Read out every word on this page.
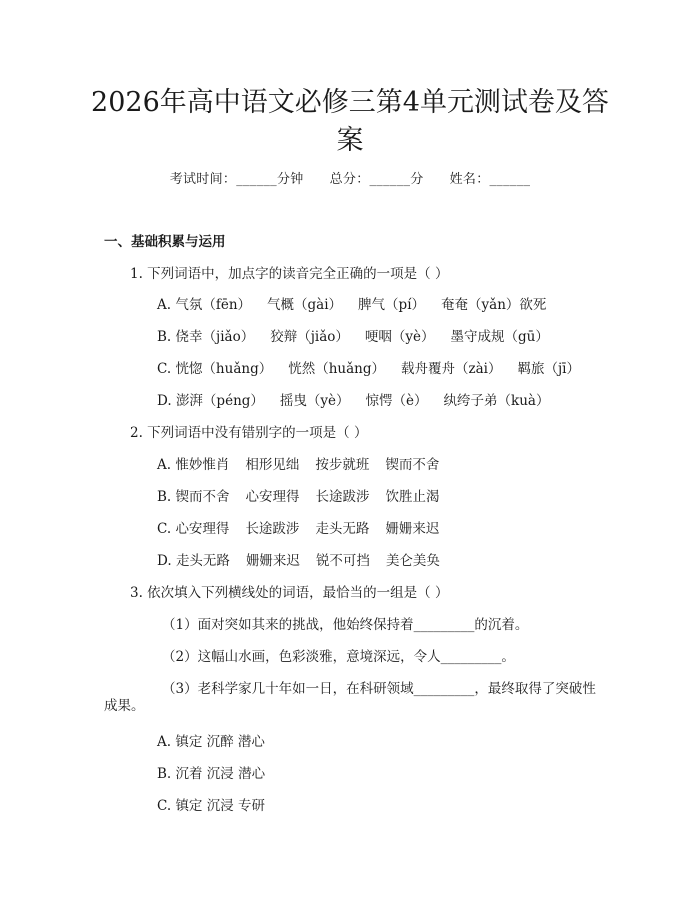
2026年高中语文必修三第4单元测试卷及答案
考试时间：______分钟 总分：______分 姓名：______
一、基础积累与运用
1. 下列词语中，加点字的读音完全正确的一项是（ ）
A. 气氛（fēn） 气概（gài） 脾气（pí） 奄奄（yǎn）欲死
B. 侥幸（jiǎo） 狡辩（jiǎo） 哽咽（yè） 墨守成规（gū）
C. 恍惚（huǎng） 恍然（huǎng） 载舟覆舟（zài） 羁旅（jī）
D. 澎湃（péng） 摇曳（yè） 惊愕（è） 纨绔子弟（kuà）
2. 下列词语中没有错别字的一项是（ ）
A. 惟妙惟肖 相形见绌 按步就班 锲而不舍
B. 锲而不舍 心安理得 长途跋涉 饮胜止渴
C. 心安理得 长途跋涉 走头无路 姗姗来迟
D. 走头无路 姗姗来迟 锐不可挡 美仑美奂
3. 依次填入下列横线处的词语，最恰当的一组是（ ）
（1）面对突如其来的挑战，他始终保持着_________的沉着。
（2）这幅山水画，色彩淡雅，意境深远，令人_________。
（3）老科学家几十年如一日，在科研领域_________，最终取得了突破性
成果。
A. 镇定 沉醉 潜心
B. 沉着 沉浸 潜心
C. 镇定 沉浸 专研
